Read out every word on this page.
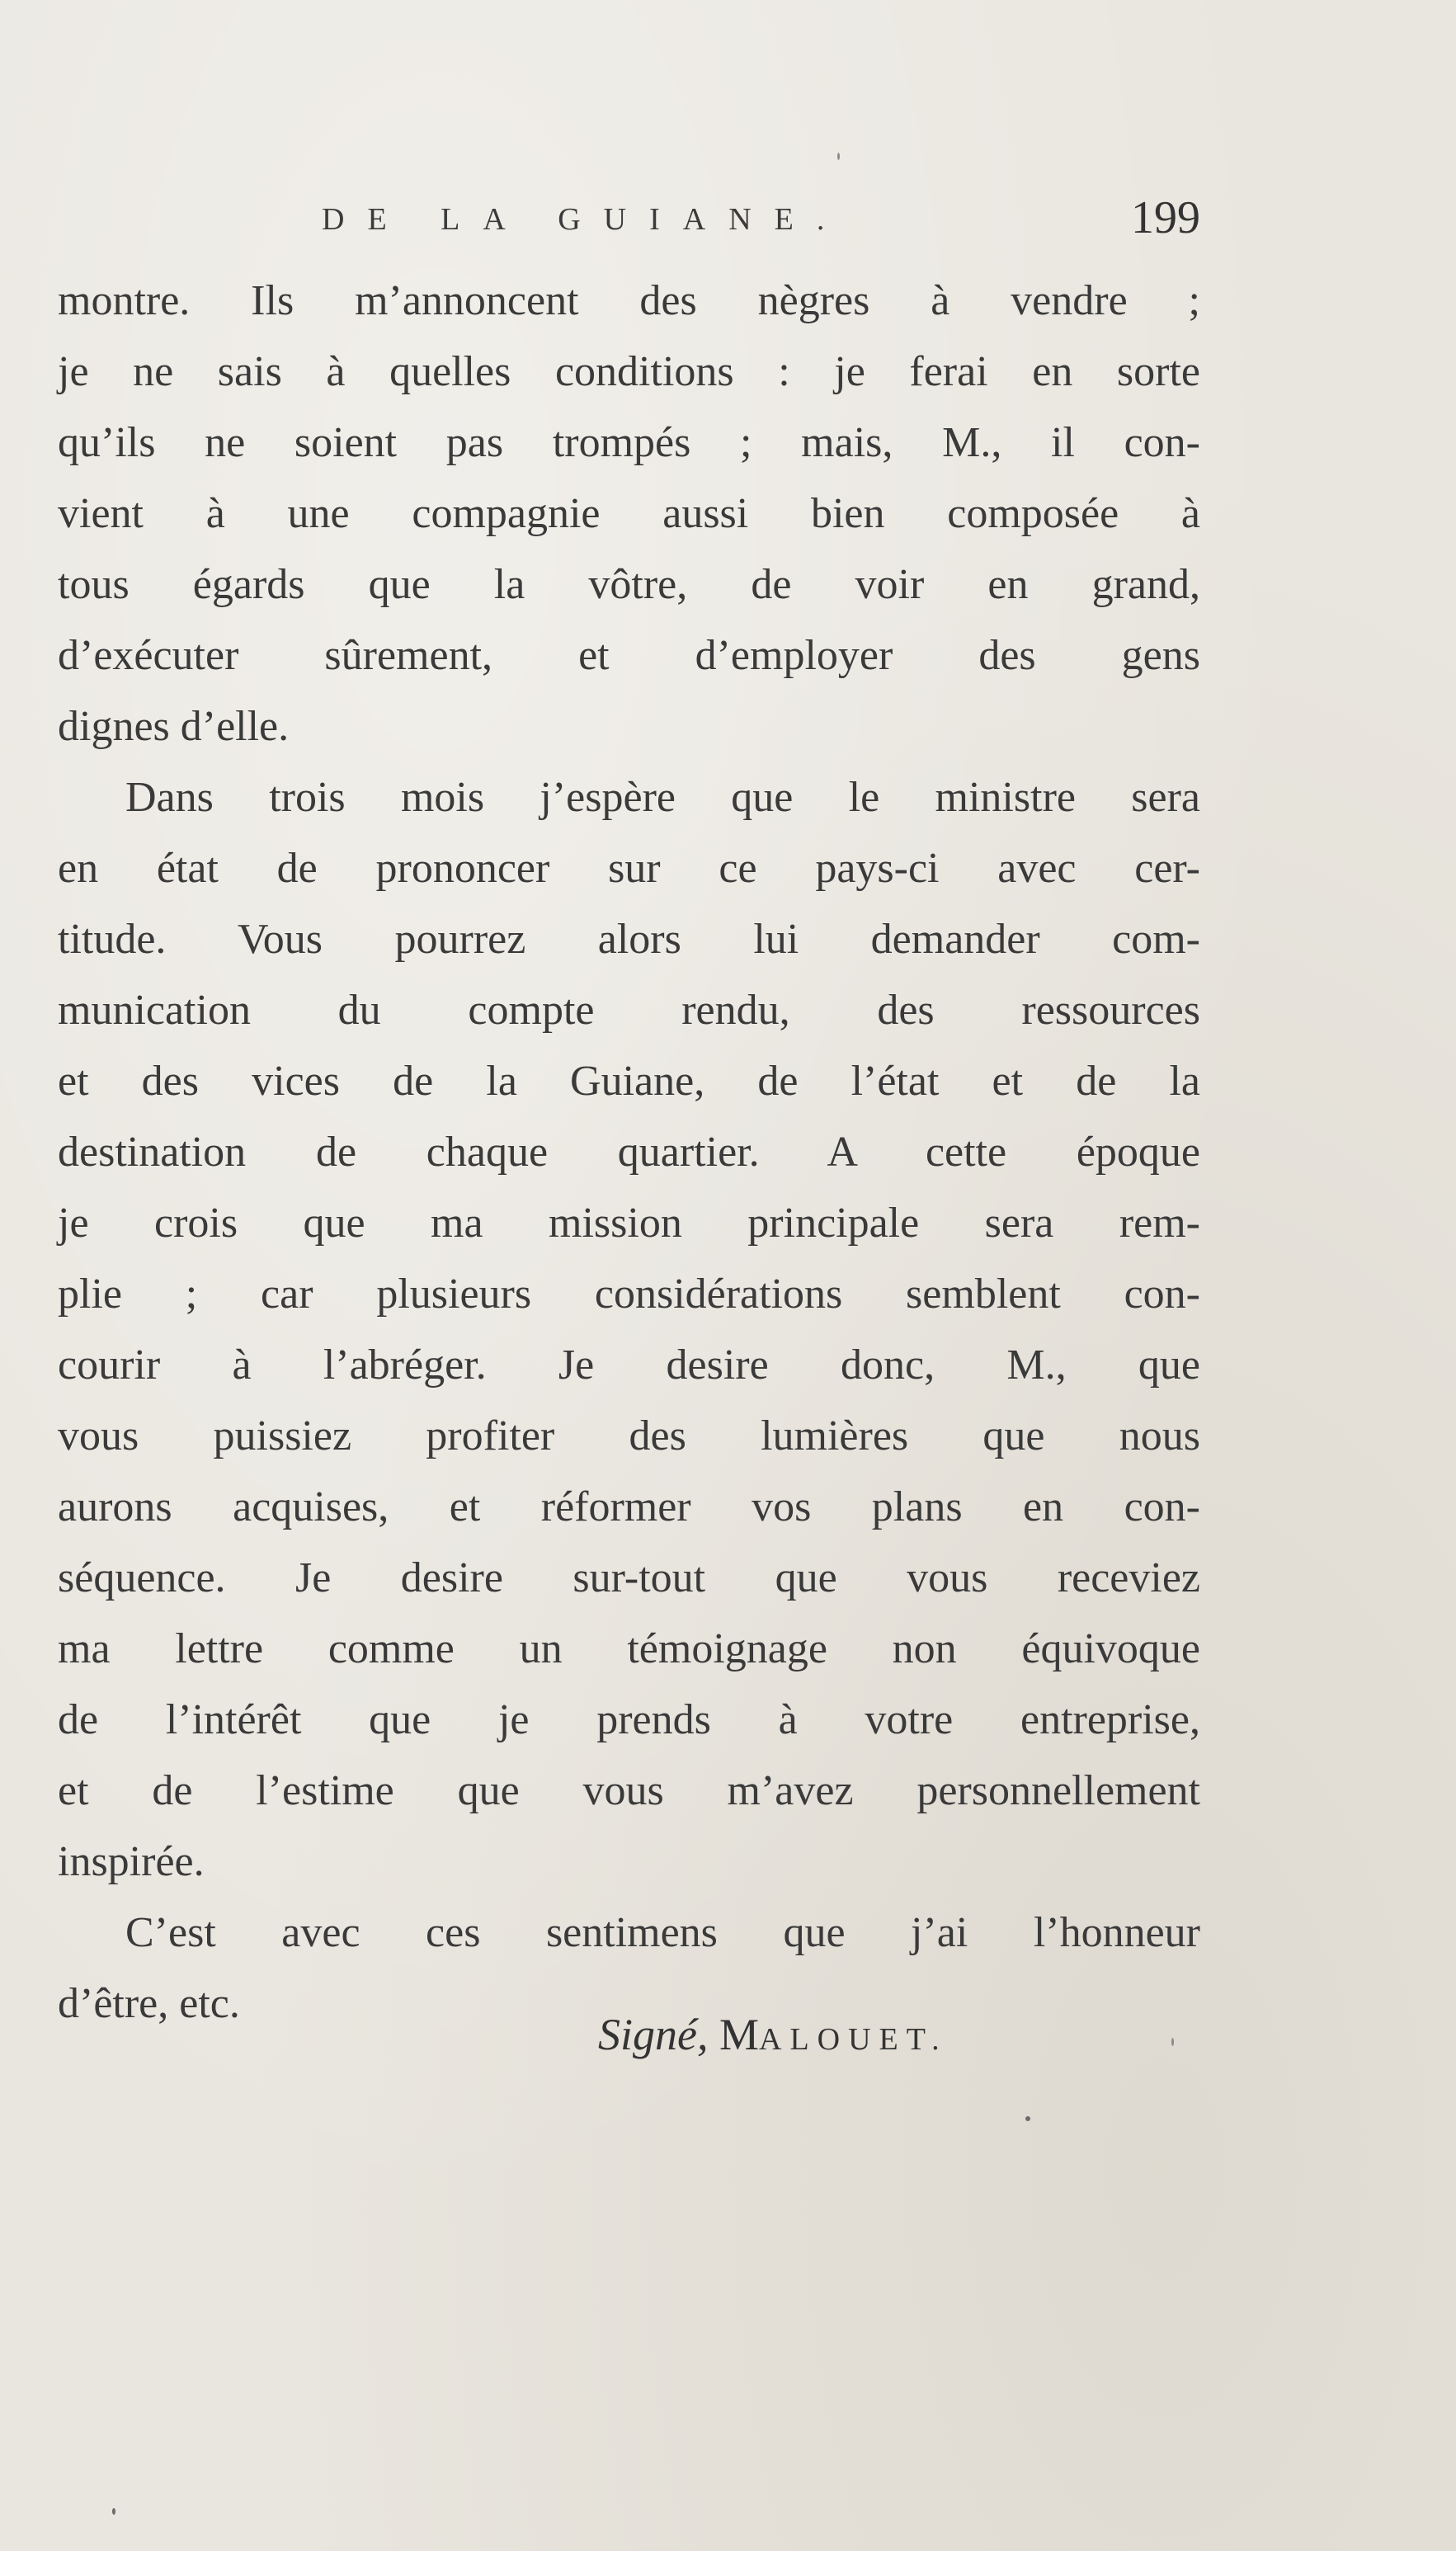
DE LA GUIANE.	199
montre. Ils m’annoncent des nègres à vendre ;
je ne sais à quelles conditions : je ferai en sorte
qu’ils ne soient pas trompés ; mais, M., il con-
vient à une compagnie aussi bien composée à
tous égards que la vôtre, de voir en grand,
d’exécuter sûrement, et d’employer des gens
dignes d’elle.
Dans trois mois j’espère que le ministre sera
en état de prononcer sur ce pays-ci avec cer-
titude. Vous pourrez alors lui demander com-
munication du compte rendu, des ressources
et des vices de la Guiane, de l’état et de la
destination de chaque quartier. A cette époque
je crois que ma mission principale sera rem-
plie ; car plusieurs considérations semblent con-
courir à l’abréger. Je desire donc, M., que
vous puissiez profiter des lumières que nous
aurons acquises, et réformer vos plans en con-
séquence. Je desire sur-tout que vous receviez
ma lettre comme un témoignage non équivoque
de l’intérêt que je prends à votre entreprise,
et de l’estime que vous m’avez personnellement
inspirée.
C’est avec ces sentimens que j’ai l’honneur
d’être, etc.
Signé, MALOUET.
